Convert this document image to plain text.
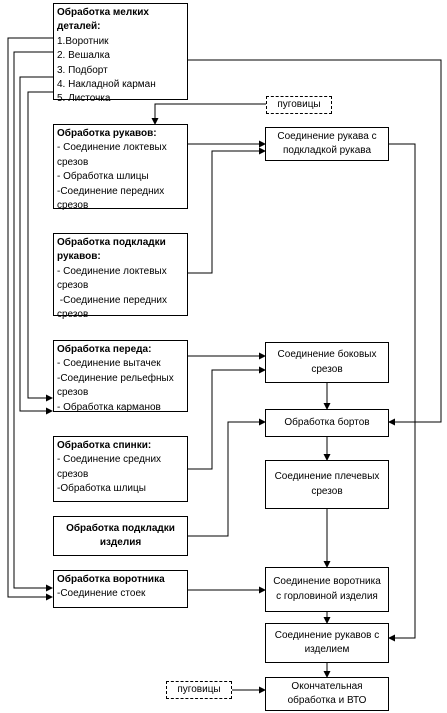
Обработка мелких деталей:
1.Воротник
2. Вешалка
3. Подборт
4. Накладной карман
5. Листочка
Обработка рукавов:
- Соединение локтевых срезов
- Обработка шлицы
-Соединение передних срезов
Обработка подкладки рукавов:
- Соединение локтевых срезов
-Соединение передних срезов
Обработка переда:
- Соединение вытачек
-Соединение рельефных срезов
- Обработка карманов
Обработка спинки:
- Соединение средних срезов
-Обработка шлицы
Обработка подкладки изделия
Обработка воротника
-Соединение стоек
Соединение рукава с подкладкой рукава
Соединение боковых срезов
Обработка бортов
Соединение плечевых срезов
Соединение воротника с горловиной изделия
Соединение рукавов с изделием
Окончательная обработка и ВТО
пуговицы
пуговицы
